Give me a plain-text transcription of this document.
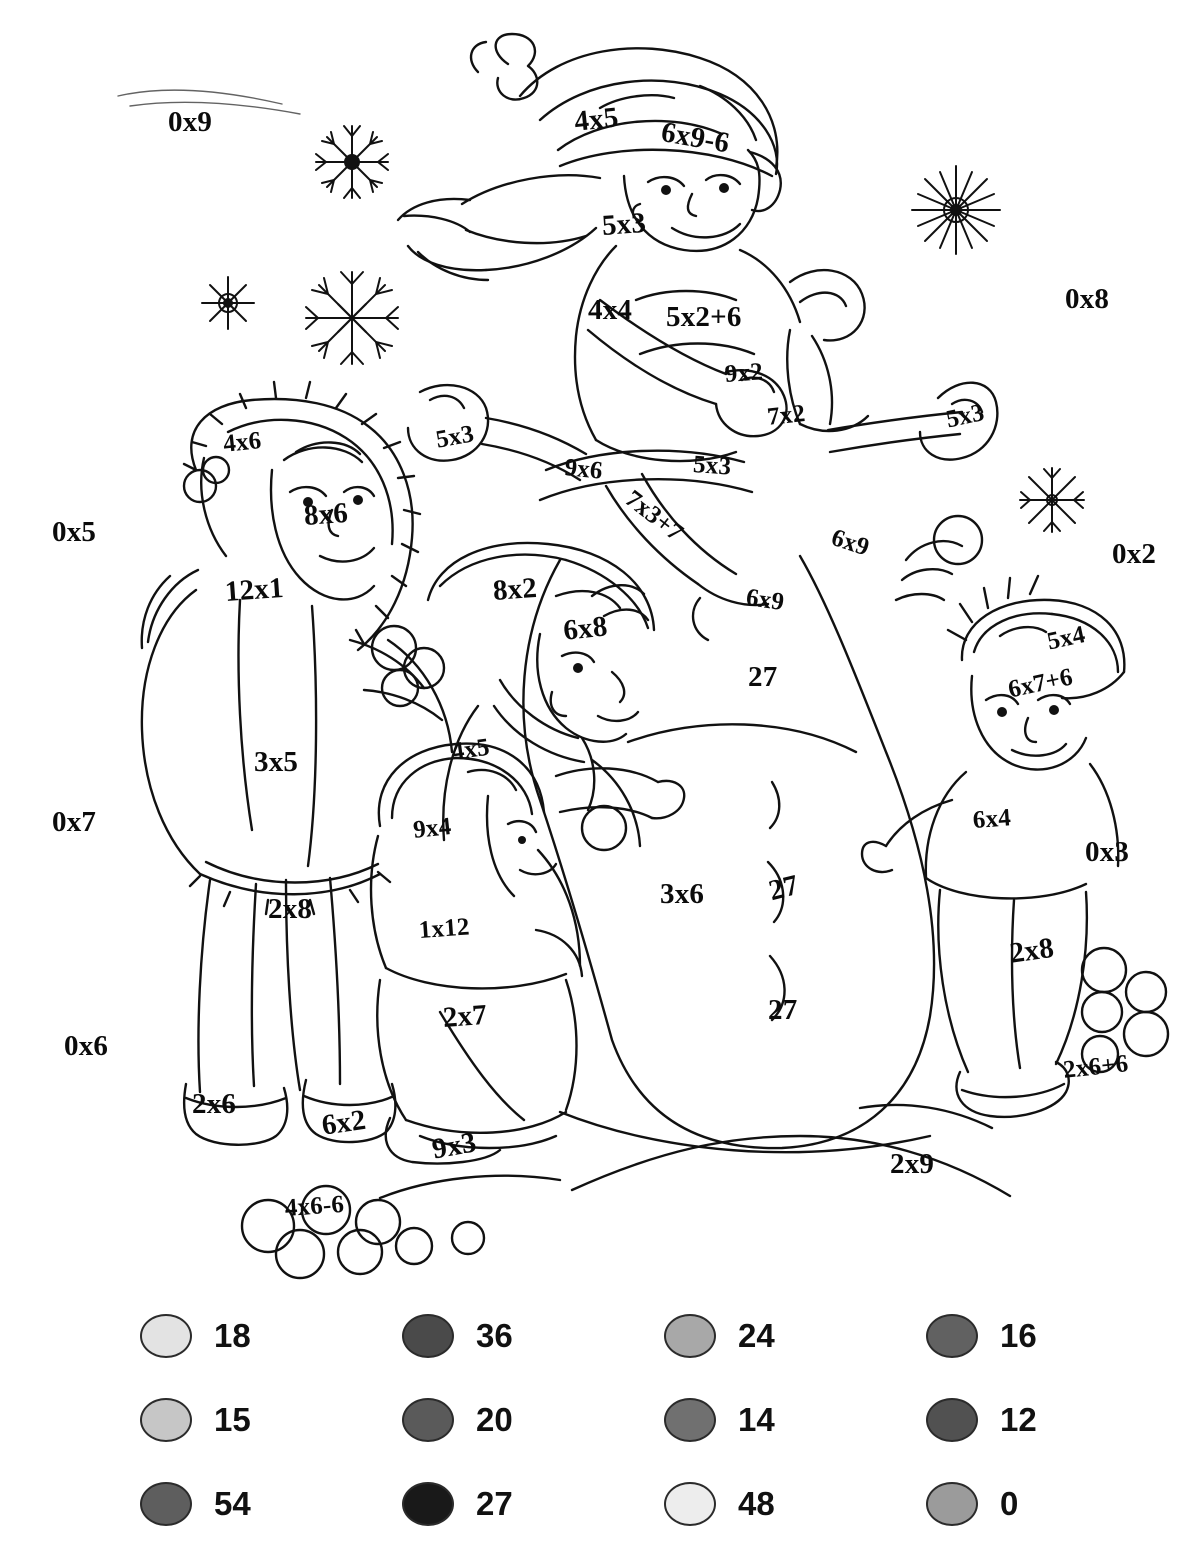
0x9
0x8
0x5
0x2
0x7
0x3
0x6
4x5 6x9-6
5x3
4x4 5x2+6
9x2
7x2	5x3
4x6	5x3
9x6	5x3
7x3+7
8x6
6x9
12x1	8x2	6x9
6x8	5x4
6x7+6
27
3x5	4x5
9x4	6x4
2x8	3x6 27
1x12
2x8
2x7	27
2x6+6
2x6	6x2
9x3	2x9
4x6-6
18	36	24	16
15	20	14	12
54	27	48	0
